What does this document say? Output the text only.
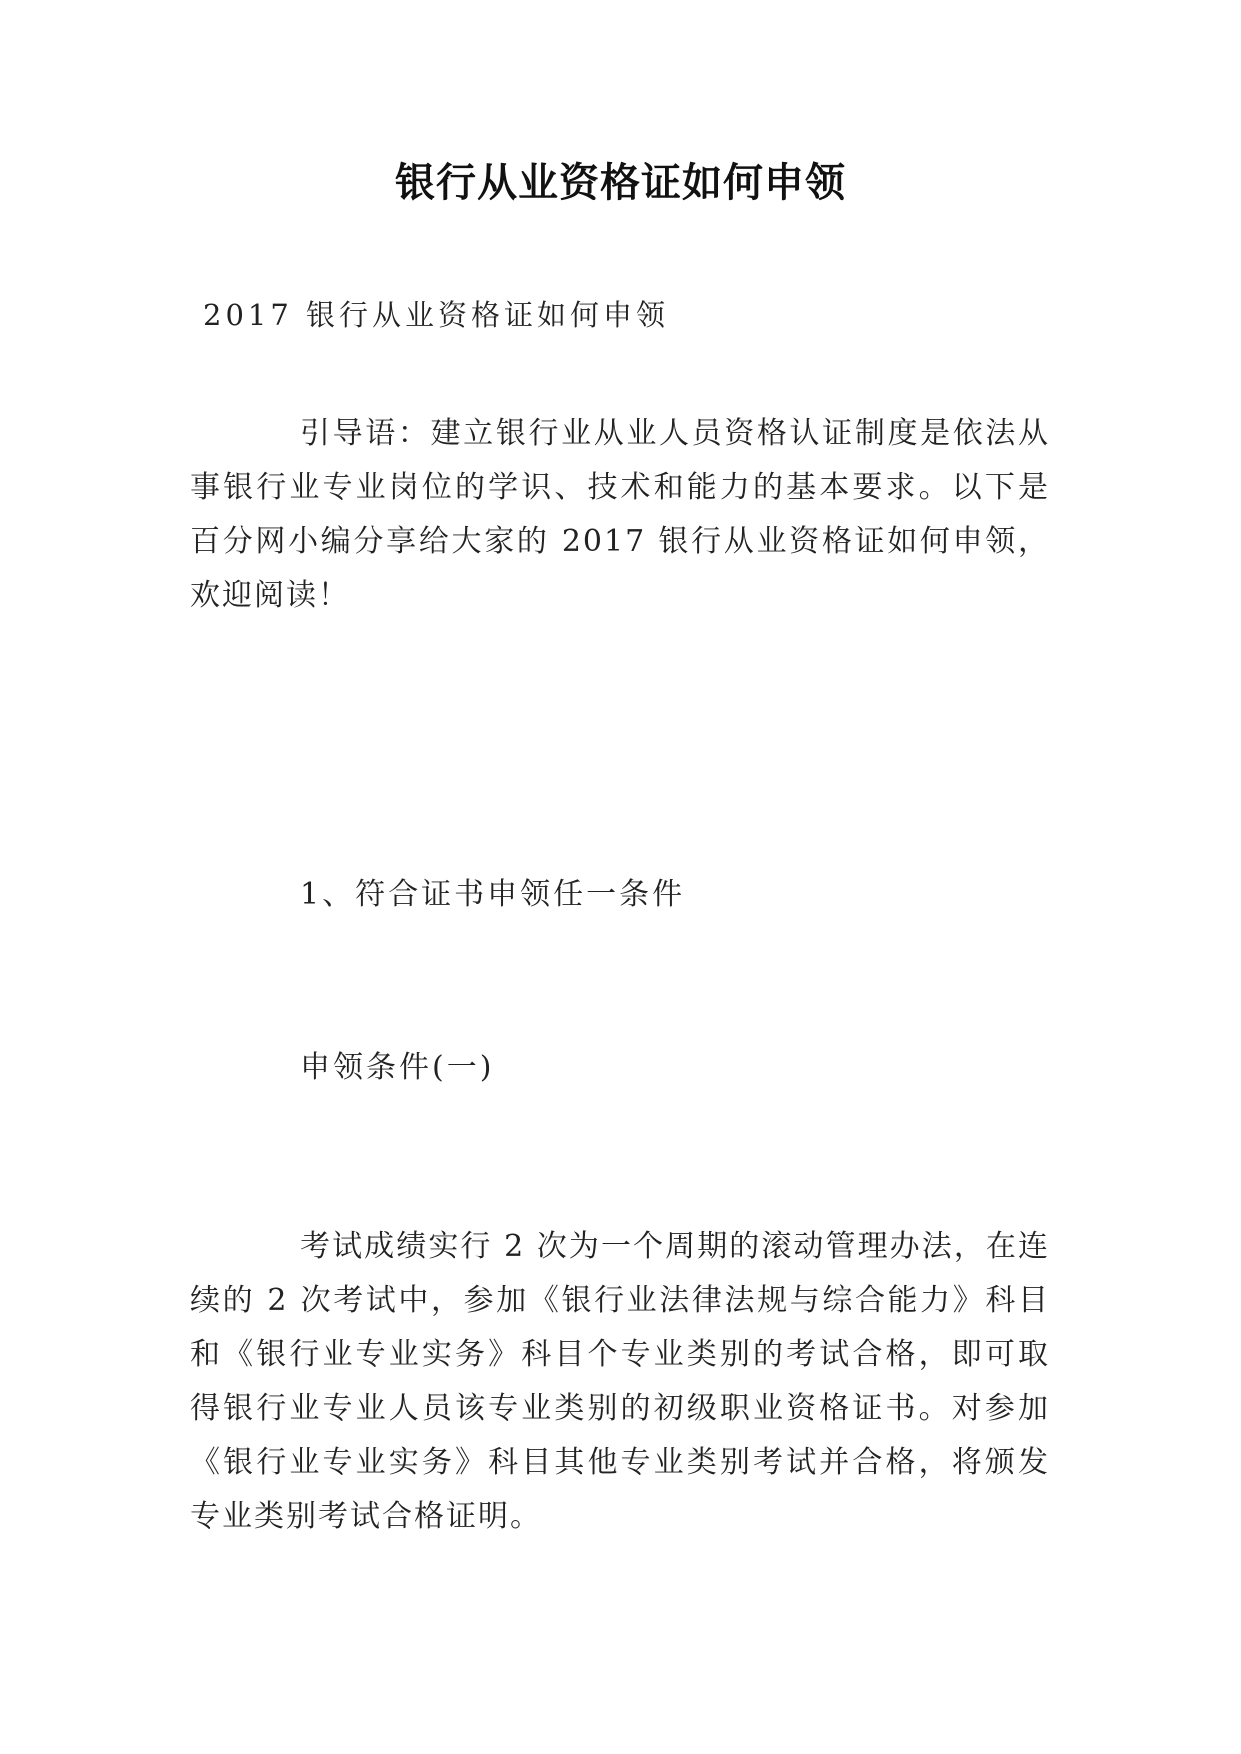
银行从业资格证如何申领
2017 银行从业资格证如何申领
引导语：建立银行业从业人员资格认证制度是依法从事银行业专业岗位的学识、技术和能力的基本要求。以下是百分网小编分享给大家的 2017 银行从业资格证如何申领，欢迎阅读！
1、符合证书申领任一条件
申领条件(一)
考试成绩实行 2 次为一个周期的滚动管理办法，在连续的 2 次考试中，参加《银行业法律法规与综合能力》科目和《银行业专业实务》科目个专业类别的考试合格，即可取得银行业专业人员该专业类别的初级职业资格证书。对参加《银行业专业实务》科目其他专业类别考试并合格，将颁发专业类别考试合格证明。
